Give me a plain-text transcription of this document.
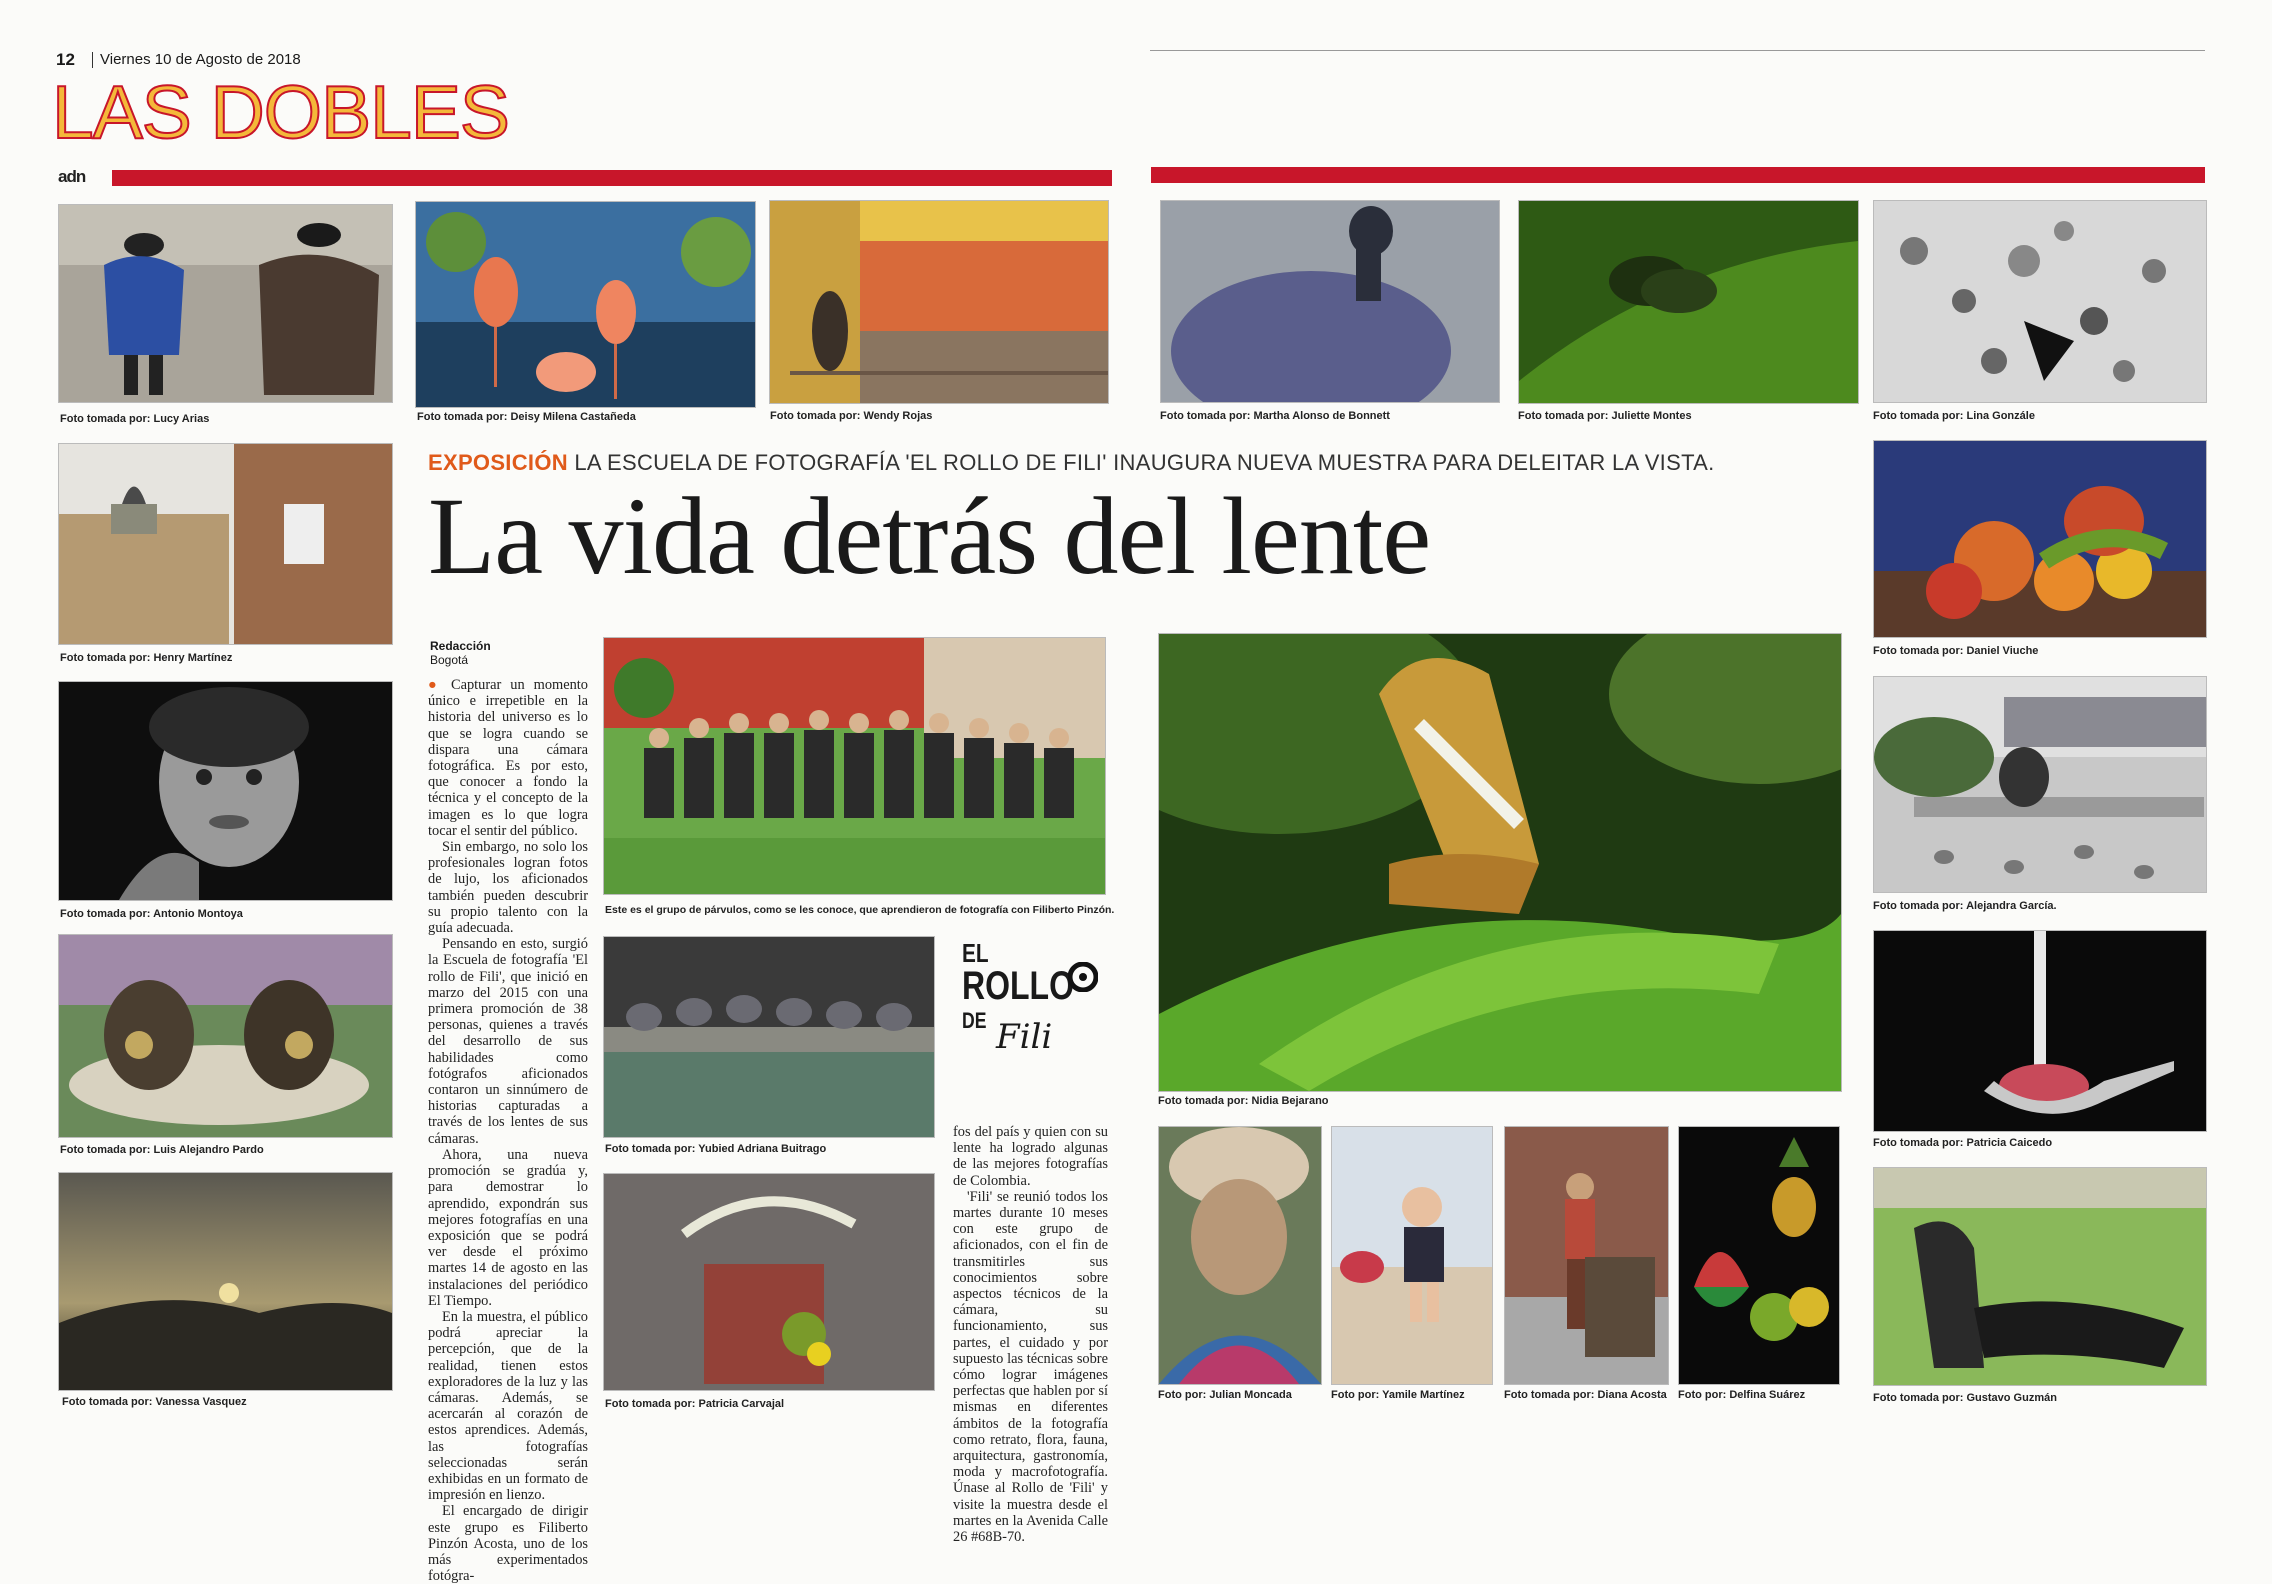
12 Viernes 10 de Agosto de 2018
LAS DOBLES
adn
Foto tomada por: Lucy Arias	Foto tomada por: Deisy Milena Castañeda	Foto tomada por: Wendy Rojas	Foto tomada por: Martha Alonso de Bonnett	Foto tomada por: Juliette Montes	Foto tomada por: Lina Gonzále
Foto tomada por: Henry Martínez
Foto tomada por: Antonio Montoya
Foto tomada por: Luis Alejandro Pardo
Foto tomada por: Vanessa Vasquez
EXPOSICIÓN LA ESCUELA DE FOTOGRAFÍA 'EL ROLLO DE FILI' INAUGURA NUEVA MUESTRA PARA DELEITAR LA VISTA.
La vida detrás del lente
Redacción
Bogotá

● Capturar un momento único e irrepetible en la historia del universo es lo que se logra cuando se dispara una cámara fotográfica. Es por esto, que conocer a fondo la técnica y el concepto de la imagen es lo que logra tocar el sentir del público.

Sin embargo, no solo los profesionales logran fotos de lujo, los aficionados también pueden descubrir su propio talento con la guía adecuada.

Pensando en esto, surgió la Escuela de fotografía 'El rollo de Fili', que inició en marzo del 2015 con una primera promoción de 38 personas, quienes a través del desarrollo de sus habilidades como fotógrafos aficionados contaron un sinnúmero de historias capturadas a través de los lentes de sus cámaras.

Ahora, una nueva promoción se gradúa y, para demostrar lo aprendido, expondrán sus mejores fotografías en una exposición que se podrá ver desde el próximo martes 14 de agosto en las instalaciones del periódico El Tiempo.

En la muestra, el público podrá apreciar la percepción, que de la realidad, tienen estos exploradores de la luz y las cámaras. Además, se acercarán al corazón de estos aprendices. Además, las fotografías seleccionadas serán exhibidas en un formato de impresión en lienzo.

El encargado de dirigir este grupo es Filiberto Pinzón Acosta, uno de los más experimentados fotógra-

fos del país y quien con su lente ha logrado algunas de las mejores fotografías de Colombia.

'Fili' se reunió todos los martes durante 10 meses con este grupo de aficionados, con el fin de transmitirles sus conocimientos sobre aspectos técnicos de la cámara, su funcionamiento, sus partes, el cuidado y por supuesto las técnicas sobre cómo lograr imágenes perfectas que hablen por sí mismas en diferentes ámbitos de la fotografía como retrato, flora, fauna, arquitectura, gastronomía, moda y macrofotografía. Únase al Rollo de 'Fili' y visite la muestra desde el martes en la Avenida Calle 26 #68B-70.

Este es el grupo de párvulos, como se les conoce, que aprendieron de fotografía con Filiberto Pinzón.
Foto tomada por: Yubied Adriana Buitrago
EL
ROLLO
DE Fili
Foto tomada por: Patricia Carvajal
Foto tomada por: Nidia Bejarano
Foto tomada por: Daniel Viuche
Foto tomada por: Alejandra García.
Foto tomada por: Patricia Caicedo
Foto tomada por: Gustavo Guzmán
Foto por: Julian Moncada	Foto por: Yamile Martínez	Foto tomada por: Diana Acosta Foto por: Delfina Suárez
